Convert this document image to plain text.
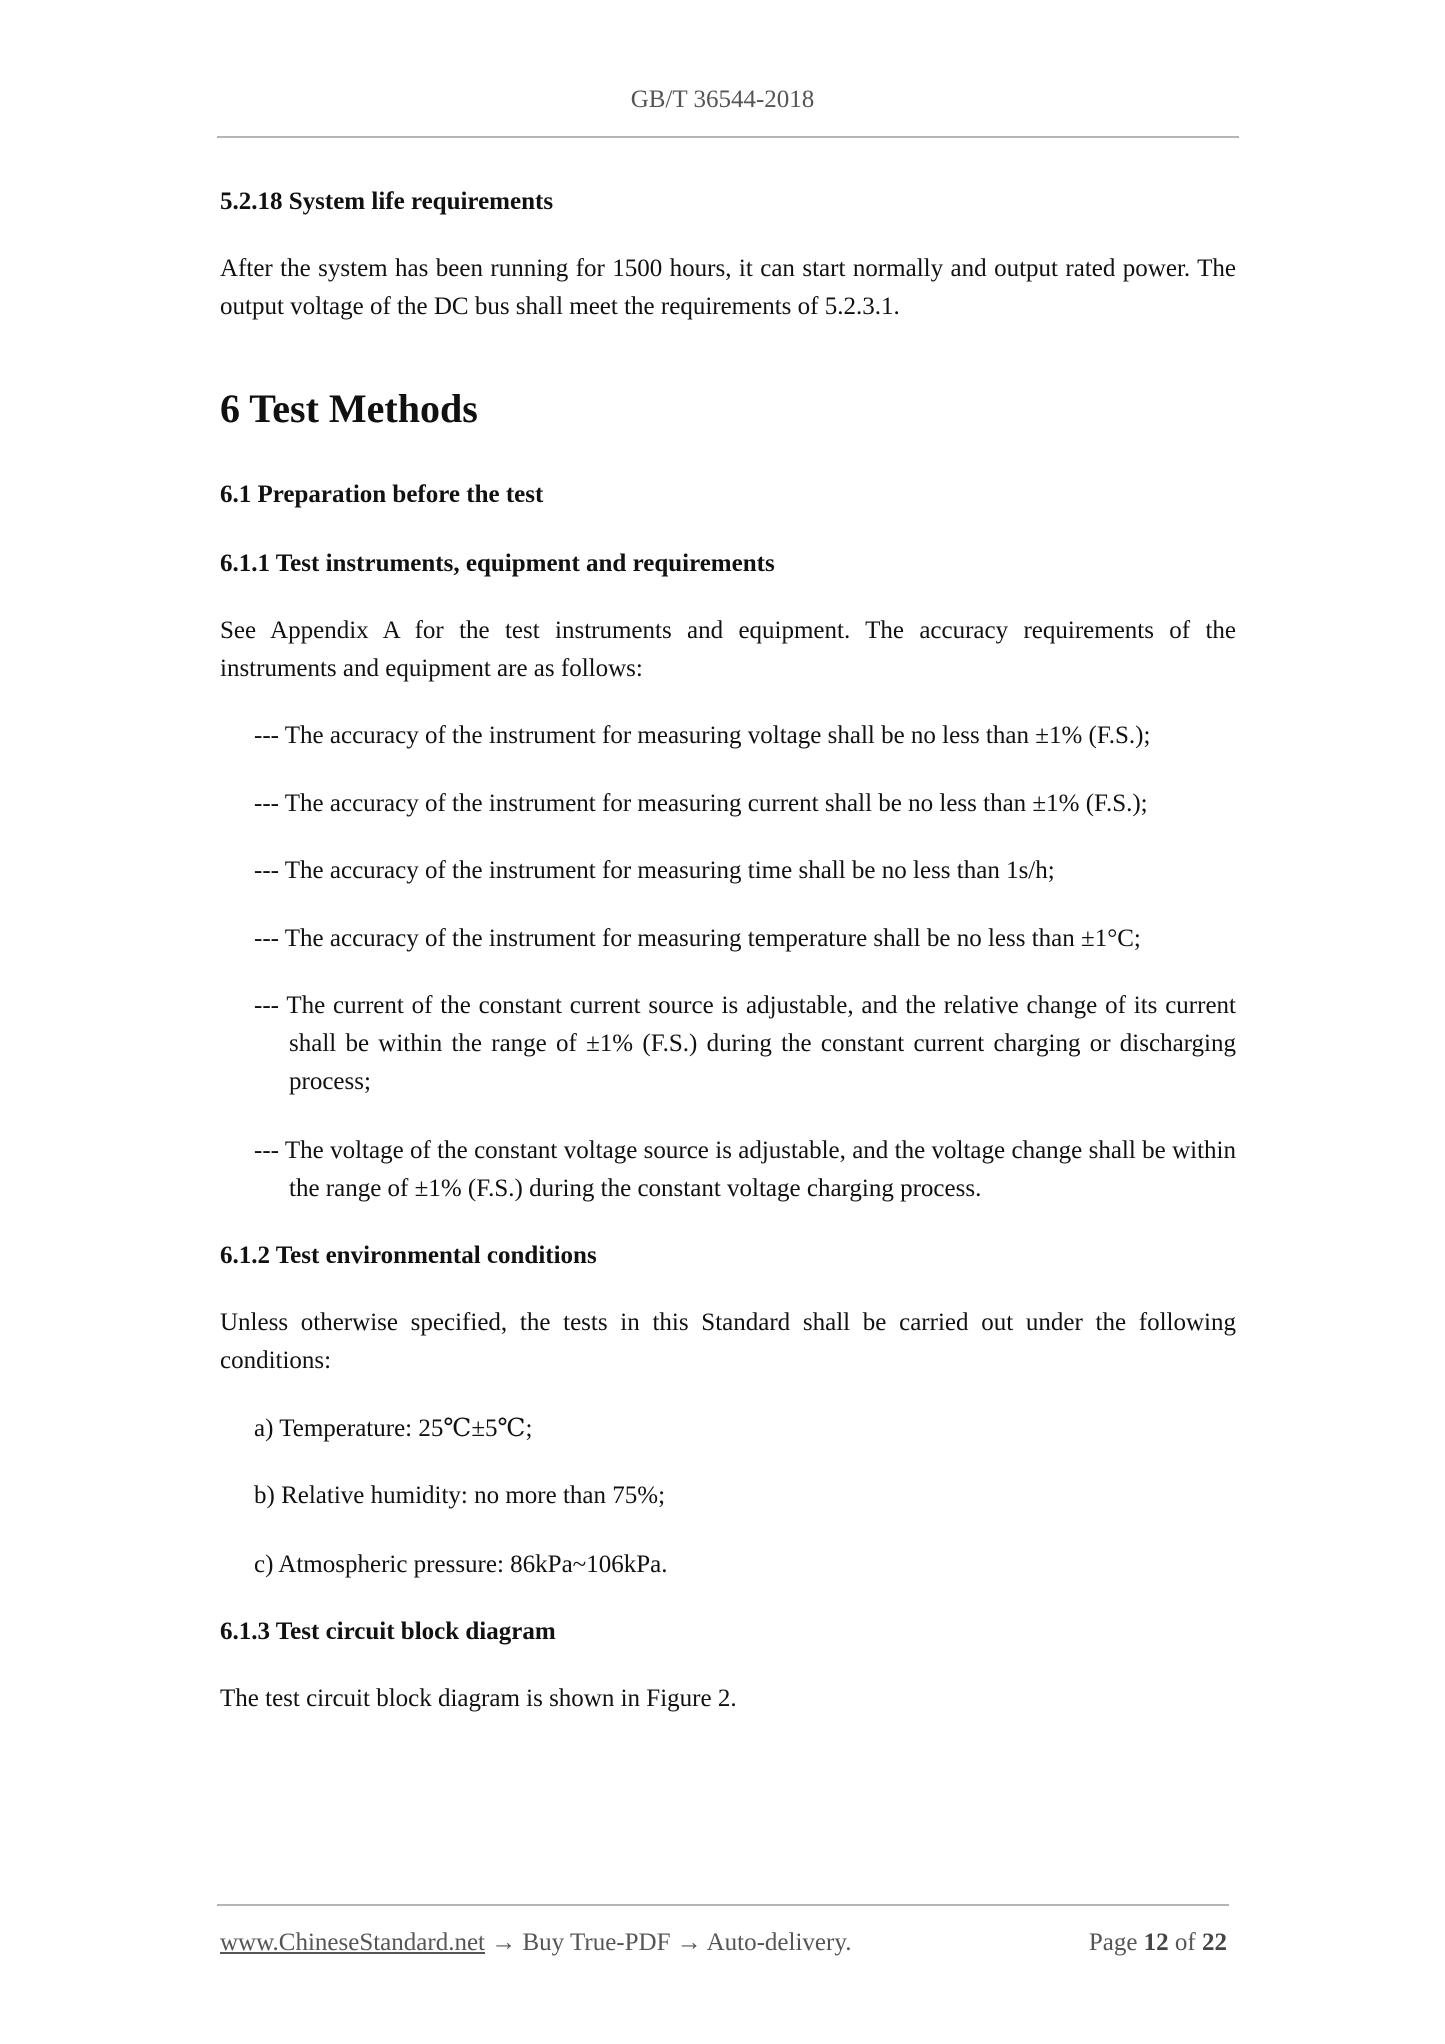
GB/T 36544-2018
5.2.18 System life requirements
After the system has been running for 1500 hours, it can start normally and output rated power. The output voltage of the DC bus shall meet the requirements of 5.2.3.1.
6 Test Methods
6.1 Preparation before the test
6.1.1 Test instruments, equipment and requirements
See Appendix A for the test instruments and equipment. The accuracy requirements of the instruments and equipment are as follows:
--- The accuracy of the instrument for measuring voltage shall be no less than ±1% (F.S.);
--- The accuracy of the instrument for measuring current shall be no less than ±1% (F.S.);
--- The accuracy of the instrument for measuring time shall be no less than 1s/h;
--- The accuracy of the instrument for measuring temperature shall be no less than ±1°C;
--- The current of the constant current source is adjustable, and the relative change of its current shall be within the range of ±1% (F.S.) during the constant current charging or discharging process;
--- The voltage of the constant voltage source is adjustable, and the voltage change shall be within the range of ±1% (F.S.) during the constant voltage charging process.
6.1.2 Test environmental conditions
Unless otherwise specified, the tests in this Standard shall be carried out under the following conditions:
a) Temperature: 25℃±5℃;
b) Relative humidity: no more than 75%;
c) Atmospheric pressure: 86kPa~106kPa.
6.1.3 Test circuit block diagram
The test circuit block diagram is shown in Figure 2.
www.ChineseStandard.net → Buy True-PDF → Auto-delivery.	Page 12 of 22
